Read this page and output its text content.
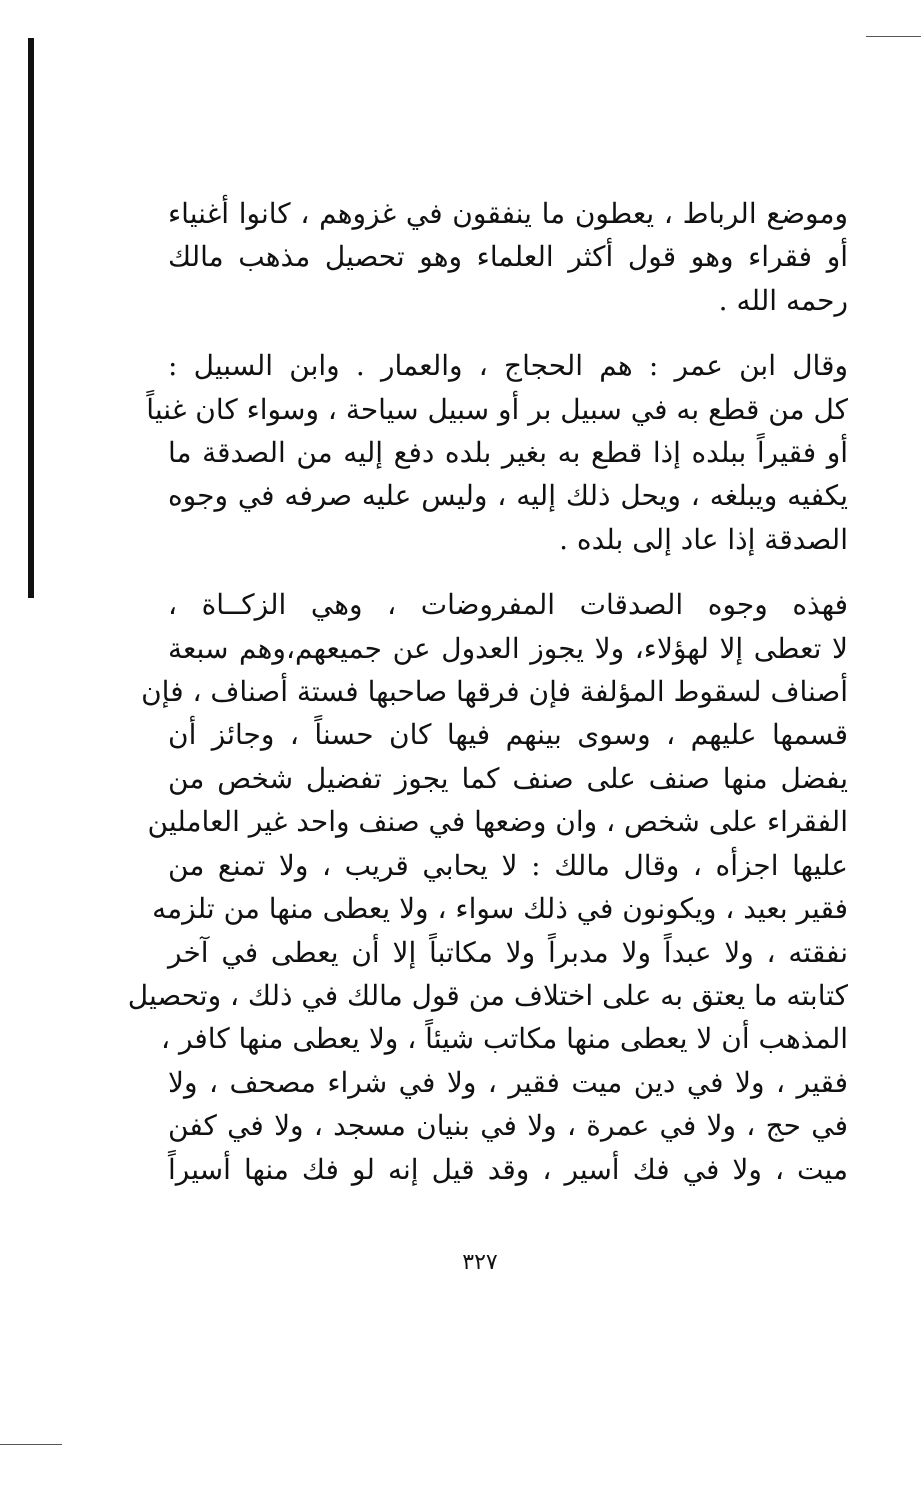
وموضع الرباط ، يعطون ما ينفقون في غزوهم ، كانوا أغنياء
أو فقراء وهو قول أكثر العلماء وهو تحصيل مذهب مالك
رحمه الله .

وقال ابن عمر : هم الحجاج ، والعمار . وابن السبيل :
كل من قطع به في سبيل بر أو سبيل سياحة ، وسواء كان غنياً
أو فقيراً ببلده إذا قطع به بغير بلده دفع إليه من الصدقة ما
يكفيه ويبلغه ، ويحل ذلك إليه ، وليس عليه صرفه في وجوه
الصدقة إذا عاد إلى بلده .

فهذه وجوه الصدقات المفروضات ، وهي الزكــاة ،
لا تعطى إلا لهؤلاء، ولا يجوز العدول عن جميعهم،وهم سبعة
أصناف لسقوط المؤلفة فإن فرقها صاحبها فستة أصناف ، فإن
قسمها عليهم ، وسوى بينهم فيها كان حسناً ، وجائز أن
يفضل منها صنف على صنف كما يجوز تفضيل شخص من
الفقراء على شخص ، وان وضعها في صنف واحد غير العاملين
عليها اجزأه ، وقال مالك : لا يحابي قريب ، ولا تمنع من
فقير بعيد ، ويكونون في ذلك سواء ، ولا يعطى منها من تلزمه
نفقته ، ولا عبداً ولا مدبراً ولا مكاتباً إلا أن يعطى في آخر
كتابته ما يعتق به على اختلاف من قول مالك في ذلك ، وتحصيل
المذهب أن لا يعطى منها مكاتب شيئاً ، ولا يعطى منها كافر ،
فقير ، ولا في دين ميت فقير ، ولا في شراء مصحف ، ولا
في حج ، ولا في عمرة ، ولا في بنيان مسجد ، ولا في كفن
ميت ، ولا في فك أسير ، وقد قيل إنه لو فك منها أسيراً

٣٢٧
